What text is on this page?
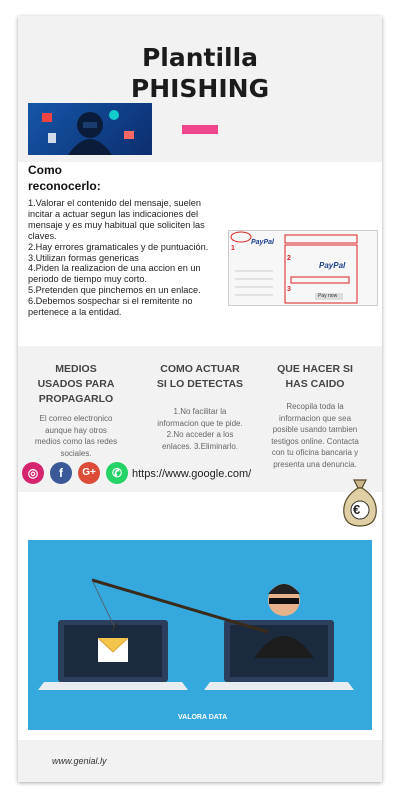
Plantilla
PHISHING
Como
reconocerlo:
1.Valorar el contenido del mensaje, suelen incitar a actuar segun las indicaciones del mensaje y es muy habitual que soliciten las claves.
2.Hay errores gramaticales y de puntuación.
3.Utilizan formas genericas
4.Piden la realizacion de una accion en un periodo de tiempo muy corto.
5.Pretenden que pinchemos en un enlace.
6.Debemos sospechar si el remitente no pertenece a la entidad.
PayPal
PayPal
1
2
3
Pay now
MEDIOS USADOS PARA PROPAGARLO
El correo electronico aunque hay otros medios como las redes sociales.
COMO ACTUAR SI LO DETECTAS
1.No facilitar la informacion que te pide. 2.No acceder a los enlaces. 3.Eliminarlo.
QUE HACER SI HAS CAIDO
Recopila toda la informacion que sea posible usando tambien testigos online. Contacta con tu oficina bancaria y presenta una denuncia.
◎	f	G+	✆ https://www.google.com/
€
VALORA DATA
www.genial.ly
